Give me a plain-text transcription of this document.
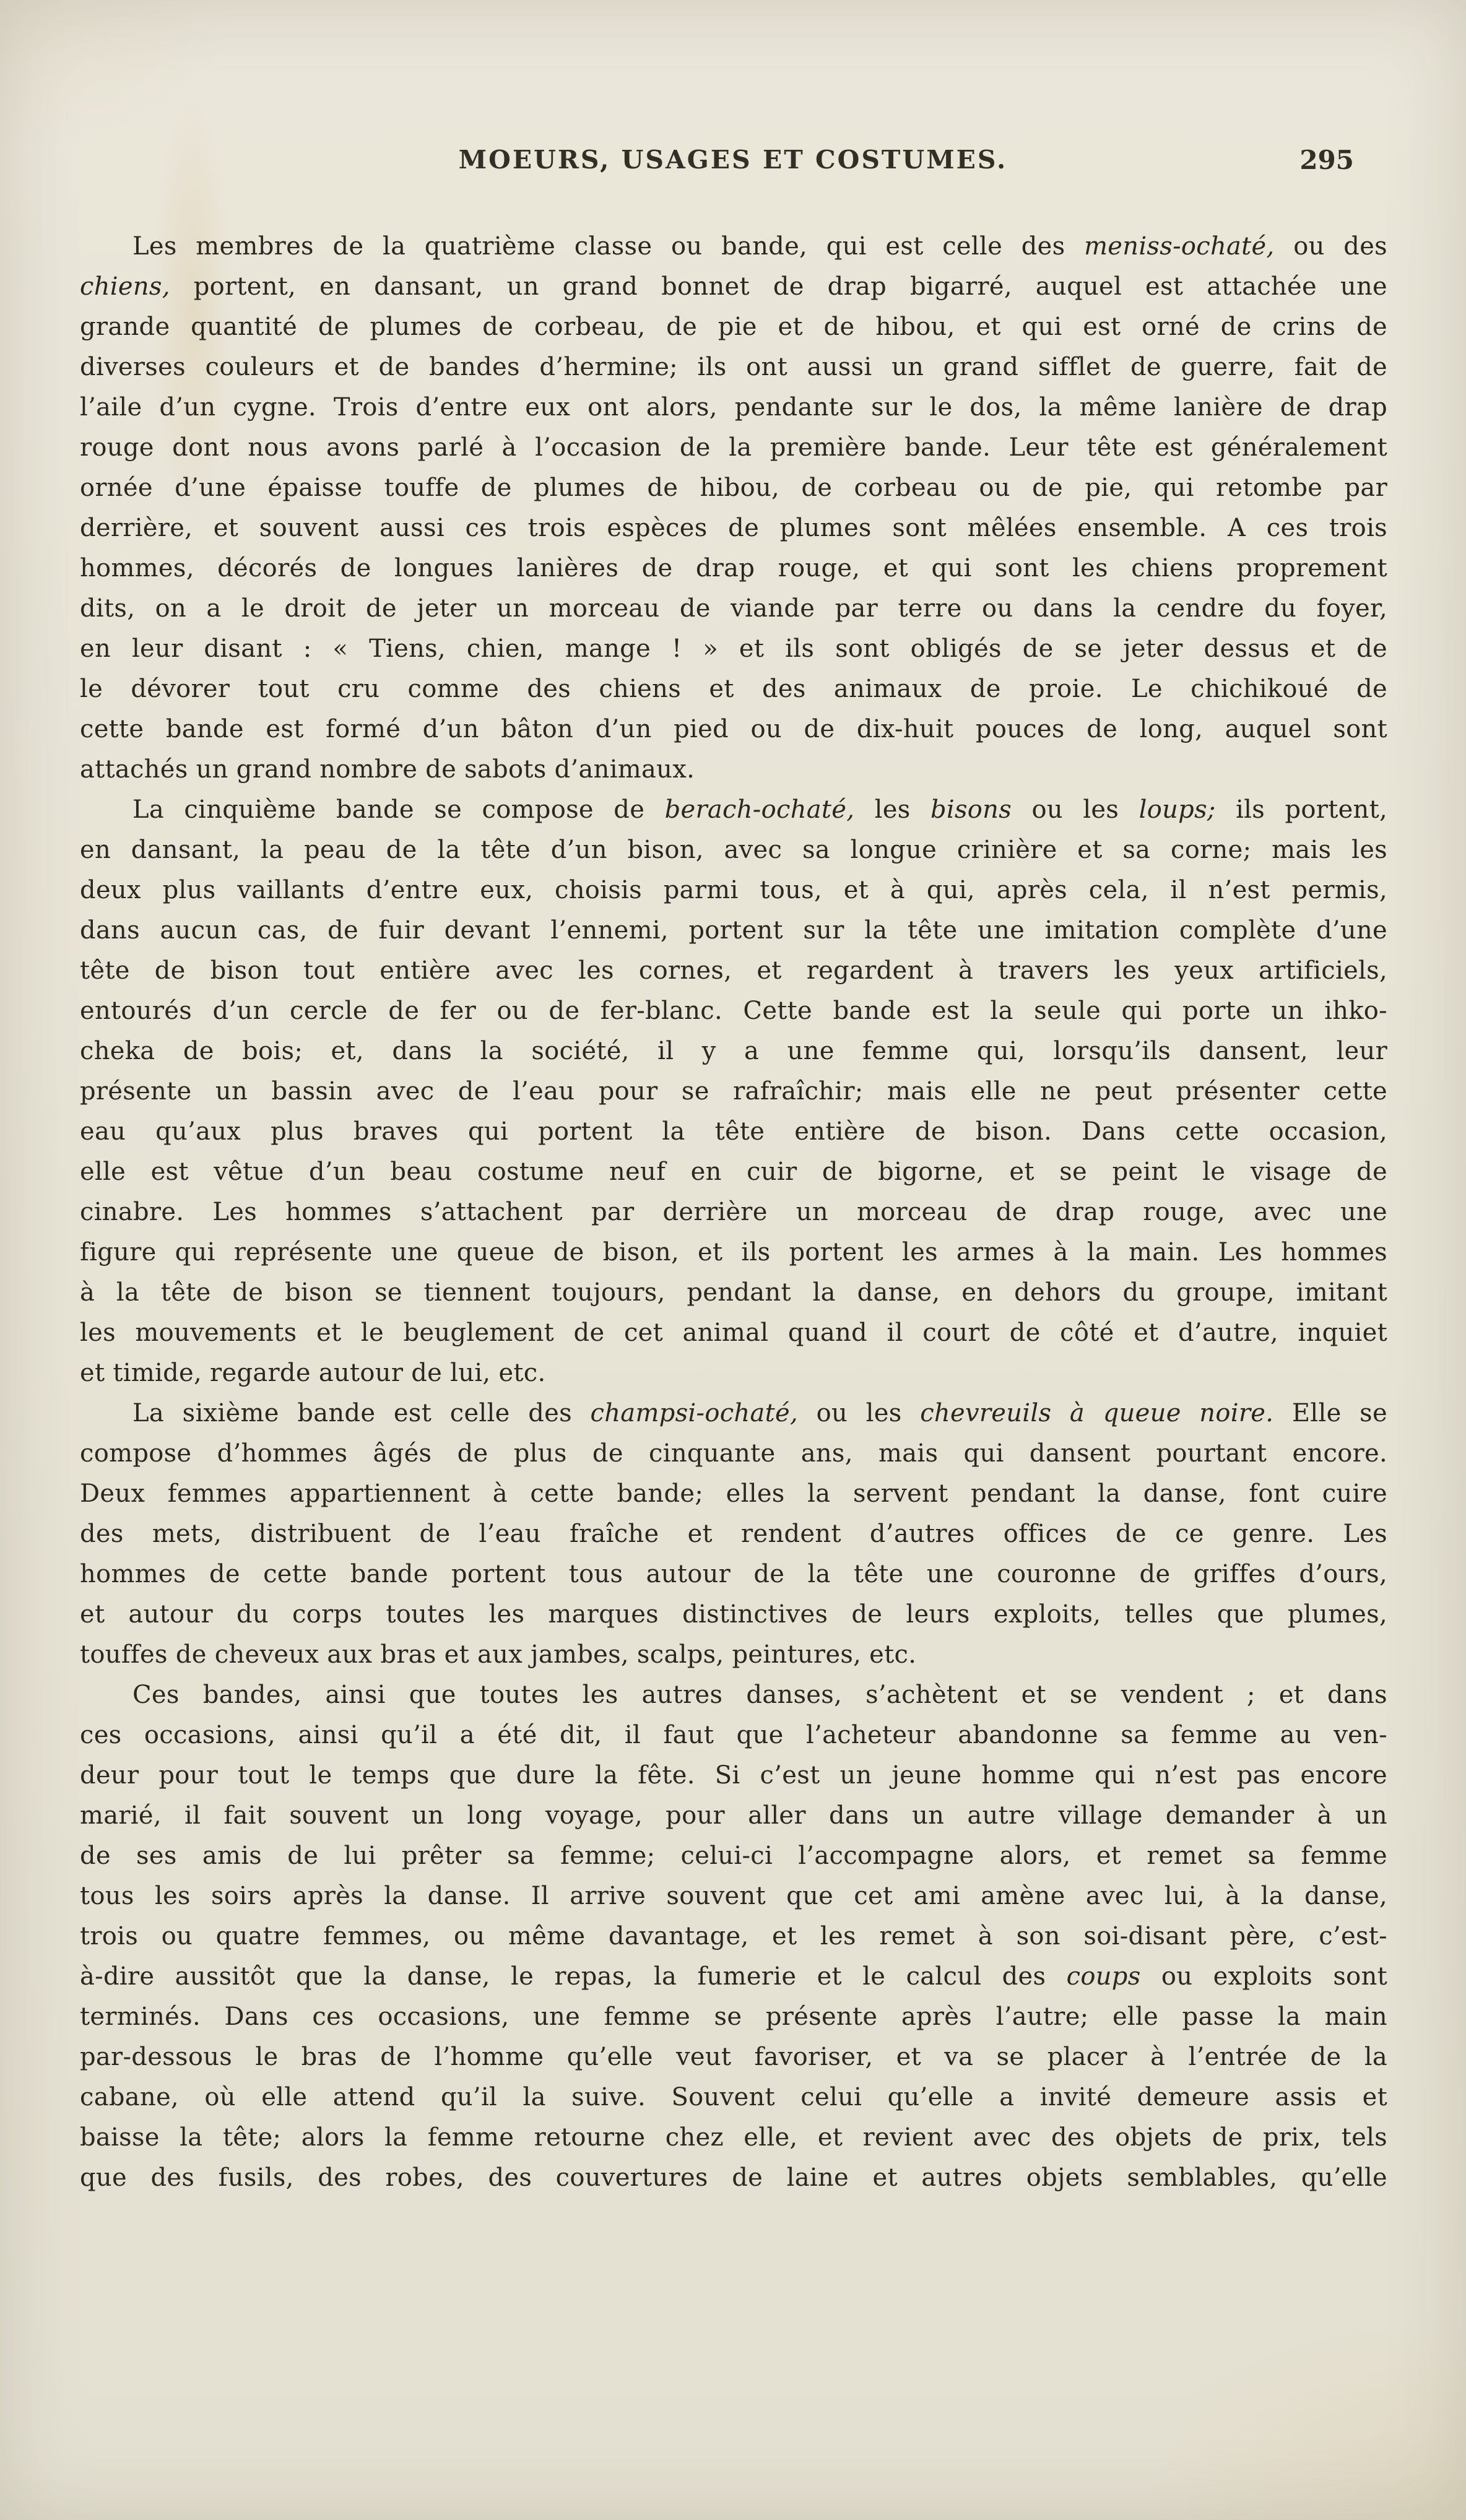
MOEURS, USAGES ET COSTUMES.	295
Les membres de la quatrième classe ou bande, qui est celle des meniss-ochaté, ou des
chiens, portent, en dansant, un grand bonnet de drap bigarré, auquel est attachée une
grande quantité de plumes de corbeau, de pie et de hibou, et qui est orné de crins de
diverses couleurs et de bandes d’hermine; ils ont aussi un grand sifflet de guerre, fait de
l’aile d’un cygne. Trois d’entre eux ont alors, pendante sur le dos, la même lanière de drap
rouge dont nous avons parlé à l’occasion de la première bande. Leur tête est généralement
ornée d’une épaisse touffe de plumes de hibou, de corbeau ou de pie, qui retombe par
derrière, et souvent aussi ces trois espèces de plumes sont mêlées ensemble. A ces trois
hommes, décorés de longues lanières de drap rouge, et qui sont les chiens proprement
dits, on a le droit de jeter un morceau de viande par terre ou dans la cendre du foyer,
en leur disant : « Tiens, chien, mange ! » et ils sont obligés de se jeter dessus et de
le dévorer tout cru comme des chiens et des animaux de proie. Le chichikoué de
cette bande est formé d’un bâton d’un pied ou de dix-huit pouces de long, auquel sont
attachés un grand nombre de sabots d’animaux.
La cinquième bande se compose de berach-ochaté, les bisons ou les loups; ils portent,
en dansant, la peau de la tête d’un bison, avec sa longue crinière et sa corne; mais les
deux plus vaillants d’entre eux, choisis parmi tous, et à qui, après cela, il n’est permis,
dans aucun cas, de fuir devant l’ennemi, portent sur la tête une imitation complète d’une
tête de bison tout entière avec les cornes, et regardent à travers les yeux artificiels,
entourés d’un cercle de fer ou de fer-blanc. Cette bande est la seule qui porte un ihko-
cheka de bois; et, dans la société, il y a une femme qui, lorsqu’ils dansent, leur
présente un bassin avec de l’eau pour se rafraîchir; mais elle ne peut présenter cette
eau qu’aux plus braves qui portent la tête entière de bison. Dans cette occasion,
elle est vêtue d’un beau costume neuf en cuir de bigorne, et se peint le visage de
cinabre. Les hommes s’attachent par derrière un morceau de drap rouge, avec une
figure qui représente une queue de bison, et ils portent les armes à la main. Les hommes
à la tête de bison se tiennent toujours, pendant la danse, en dehors du groupe, imitant
les mouvements et le beuglement de cet animal quand il court de côté et d’autre, inquiet
et timide, regarde autour de lui, etc.
La sixième bande est celle des champsi-ochaté, ou les chevreuils à queue noire. Elle se
compose d’hommes âgés de plus de cinquante ans, mais qui dansent pourtant encore.
Deux femmes appartiennent à cette bande; elles la servent pendant la danse, font cuire
des mets, distribuent de l’eau fraîche et rendent d’autres offices de ce genre. Les
hommes de cette bande portent tous autour de la tête une couronne de griffes d’ours,
et autour du corps toutes les marques distinctives de leurs exploits, telles que plumes,
touffes de cheveux aux bras et aux jambes, scalps, peintures, etc.
Ces bandes, ainsi que toutes les autres danses, s’achètent et se vendent ; et dans
ces occasions, ainsi qu’il a été dit, il faut que l’acheteur abandonne sa femme au ven-
deur pour tout le temps que dure la fête. Si c’est un jeune homme qui n’est pas encore
marié, il fait souvent un long voyage, pour aller dans un autre village demander à un
de ses amis de lui prêter sa femme; celui-ci l’accompagne alors, et remet sa femme
tous les soirs après la danse. Il arrive souvent que cet ami amène avec lui, à la danse,
trois ou quatre femmes, ou même davantage, et les remet à son soi-disant père, c’est-
à-dire aussitôt que la danse, le repas, la fumerie et le calcul des coups ou exploits sont
terminés. Dans ces occasions, une femme se présente après l’autre; elle passe la main
par-dessous le bras de l’homme qu’elle veut favoriser, et va se placer à l’entrée de la
cabane, où elle attend qu’il la suive. Souvent celui qu’elle a invité demeure assis et
baisse la tête; alors la femme retourne chez elle, et revient avec des objets de prix, tels
que des fusils, des robes, des couvertures de laine et autres objets semblables, qu’elle
